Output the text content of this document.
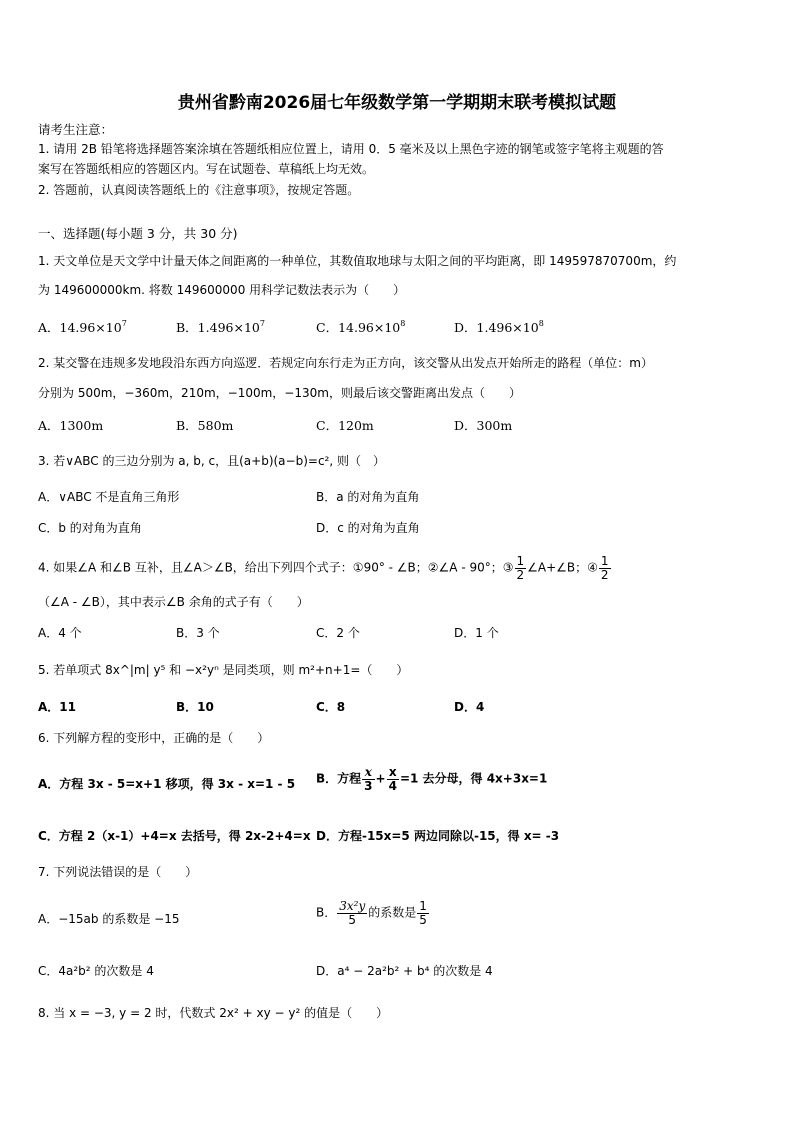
贵州省黔南2026届七年级数学第一学期期末联考模拟试题
请考生注意：
1. 请用 2B 铅笔将选择题答案涂填在答题纸相应位置上，请用 0．5 毫米及以上黑色字迹的钢笔或签字笔将主观题的答
案写在答题纸相应的答题区内。写在试题卷、草稿纸上均无效。
2. 答题前，认真阅读答题纸上的《注意事项》，按规定答题。
一、选择题(每小题 3 分，共 30 分)
1. 天文单位是天文学中计量天体之间距离的一种单位，其数值取地球与太阳之间的平均距离，即 149597870700m，约
为 149600000km. 将数 149600000 用科学记数法表示为（　　）
A．$14.96\times 10^7$	B．$1.496\times 10^7$	C．$14.96\times 10^8$	D．$1.496\times 10^8$
2. 某交警在违规多发地段沿东西方向巡逻．若规定向东行走为正方向，该交警从出发点开始所走的路程（单位：m）
分别为 500m，−360m，210m，−100m，−130m，则最后该交警距离出发点（　　）
A．1300m	B．580m	C．120m	D．300m
3. 若∨ABC 的三边分别为 a, b, c，且(a+b)(a−b)=c², 则（　）
A．∨ABC 不是直角三角形	B．a 的对角为直角
C．b 的对角为直角	D．c 的对角为直角
4. 如果∠A 和∠B 互补，且∠A＞∠B，给出下列四个式子：①90° - ∠B；②∠A - 90°；③ $\frac{1}{2}$ ∠A+∠B；④ $\frac{1}{2}$
（∠A - ∠B），其中表示∠B 余角的式子有（　　）
A．4 个	B．3 个	C．2 个	D．1 个
5. 若单项式 8x^|m| y⁵ 和 −x²yⁿ 是同类项，则 m²+n+1=（　　）
A．11	B．10	C．8	D．4
6. 下列解方程的变形中，正确的是（　　）
A．方程 3x - 5=x+1 移项，得 3x - x=1 - 5 B．方程 $\frac{x}{3} + \frac{x}{4} =1$ 去分母，得 4x+3x=1
C．方程 2（x-1）+4=x 去括号，得 2x-2+4=x D．方程-15x=5 两边同除以-15，得 x= -3
7. 下列说法错误的是（　　）
A．−15ab 的系数是 −15	B． $\frac{\text{3x²y}}{5}$ 的系数是 $\frac{1}{5}$
C．4a²b² 的次数是 4	D．a⁴ − 2a²b² + b⁴ 的次数是 4
8. 当 x = −3, y = 2 时，代数式 2x² + xy − y² 的值是（　　）
